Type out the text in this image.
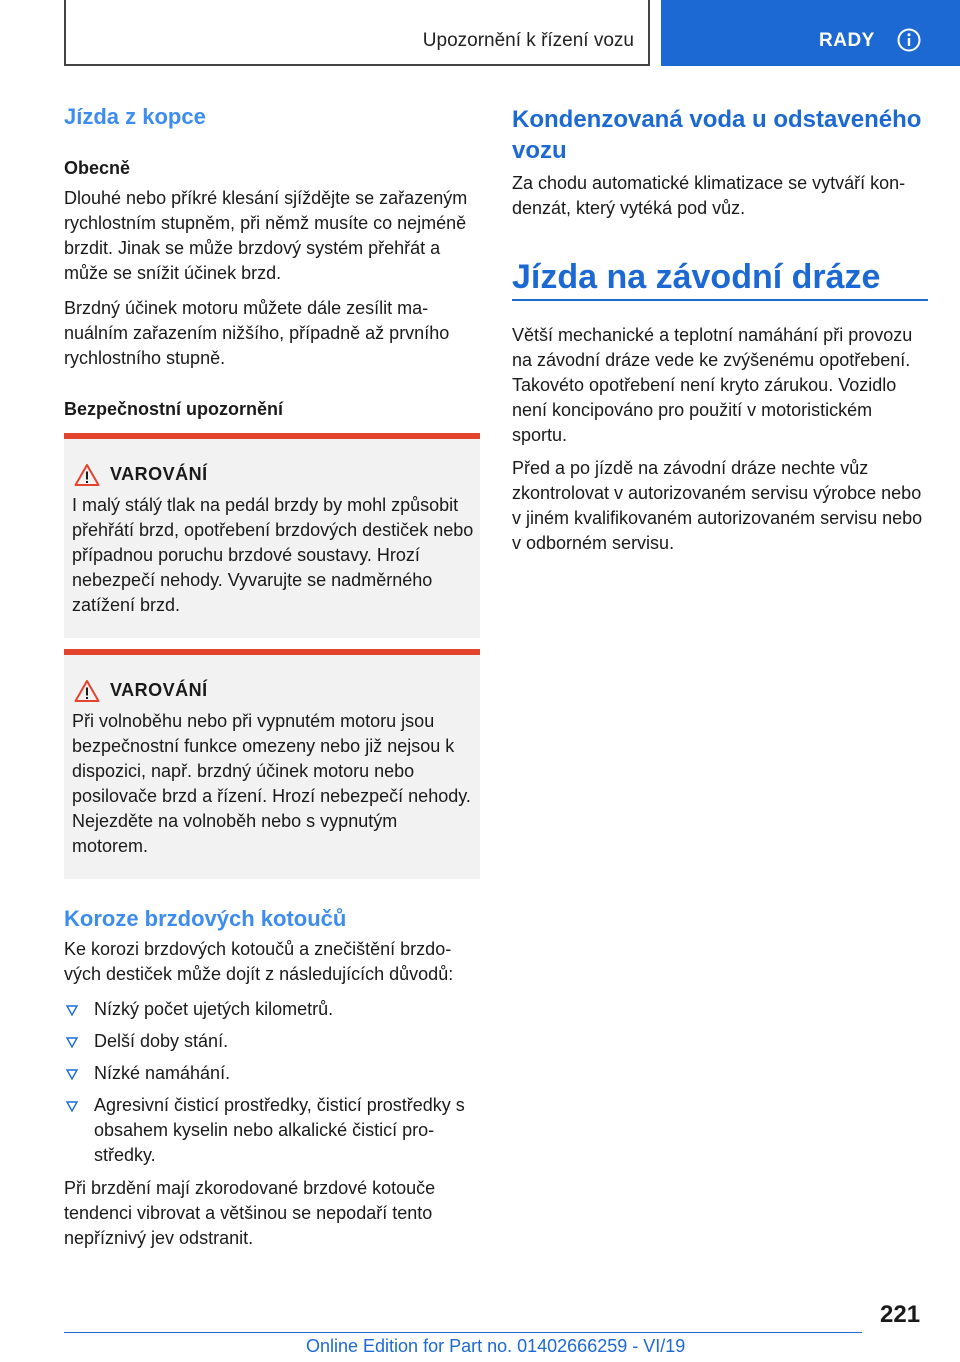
Upozornění k řízení vozu	RADY
Jízda z kopce
Obecně

Dlouhé nebo příkré klesání sjíždějte se zařazeným rychlostním stupněm, při němž musíte co nejméně brzdit. Jinak se může brzdový systém přehřát a může se snížit účinek brzd.

Brzdný účinek motoru můžete dále zesílit manuálním zařazením nižšího, případně až prvního rychlostního stupně.

Bezpečnostní upozornění
VAROVÁNÍ

I malý stálý tlak na pedál brzdy by mohl způsobit přehřátí brzd, opotřebení brzdových destiček nebo případnou poruchu brzdové soustavy. Hrozí nebezpečí nehody. Vyvarujte se nadměrného zatížení brzd.

VAROVÁNÍ

Při volnoběhu nebo při vypnutém motoru jsou bezpečnostní funkce omezeny nebo již nejsou k dispozici, např. brzdný účinek motoru nebo posilovače brzd a řízení. Hrozí nebezpečí nehody. Nejezděte na volnoběh nebo s vypnutým motorem.

Koroze brzdových kotoučů

Ke korozi brzdových kotoučů a znečištění brzdových destiček může dojít z následujících důvodů:

Nízký počet ujetých kilometrů.
Delší doby stání.
Nízké namáhání.
Agresivní čisticí prostředky, čisticí prostředky s obsahem kyselin nebo alkalické čisticí prostředky.

Při brzdění mají zkorodované brzdové kotouče tendenci vibrovat a většinou se nepodaří tento nepříznivý jev odstranit.

Kondenzovaná voda u odstaveného vozu

Za chodu automatické klimatizace se vytváří kondenzát, který vytéká pod vůz.

Jízda na závodní dráze

Větší mechanické a teplotní namáhání při provozu na závodní dráze vede ke zvýšenému opotřebení. Takovéto opotřebení není kryto zárukou. Vozidlo není koncipováno pro použití v motoristickém sportu.

Před a po jízdě na závodní dráze nechte vůz zkontrolovat v autorizovaném servisu výrobce nebo v jiném kvalifikovaném autorizovaném servisu nebo v odborném servisu.

221
Online Edition for Part no. 01402666259 - VI/19
